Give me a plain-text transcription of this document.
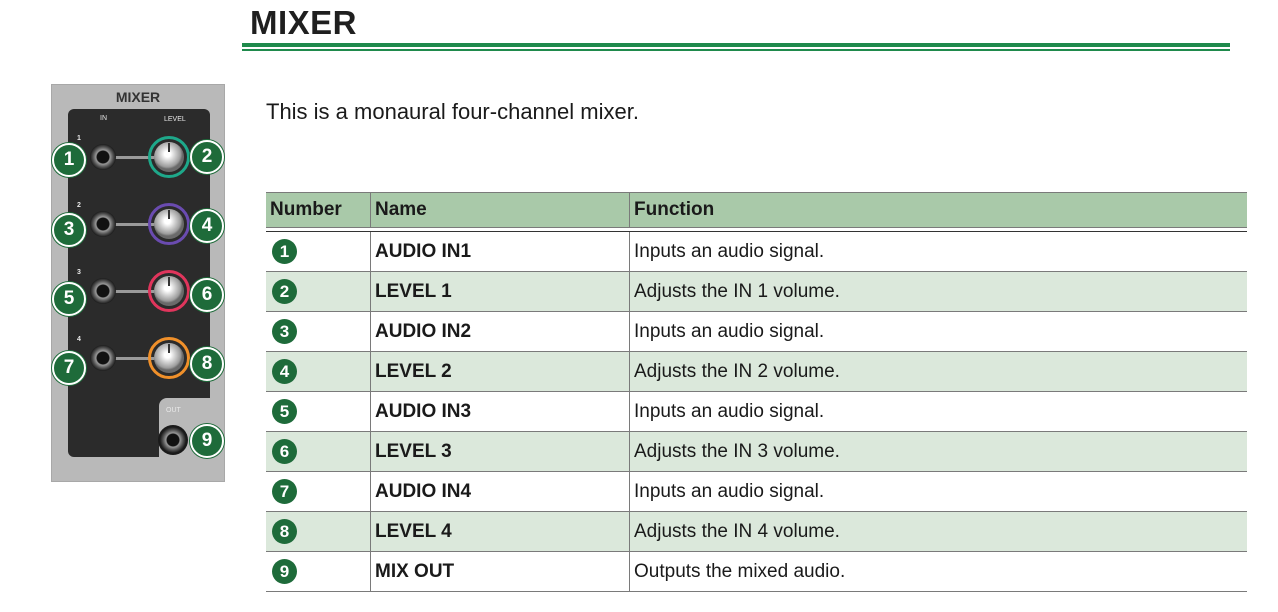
MIXER
This is a monaural four-channel mixer.
MIXER
IN	LEVEL
1
2
3
4
OUT
1	2
3	4
5	6
7	8
9
Number	Name	Function

1	AUDIO IN1	Inputs an audio signal.
2	LEVEL 1	Adjusts the IN 1 volume.
3	AUDIO IN2	Inputs an audio signal.
4	LEVEL 2	Adjusts the IN 2 volume.
5	AUDIO IN3	Inputs an audio signal.
6	LEVEL 3	Adjusts the IN 3 volume.
7	AUDIO IN4	Inputs an audio signal.
8	LEVEL 4	Adjusts the IN 4 volume.
9	MIX OUT	Outputs the mixed audio.
